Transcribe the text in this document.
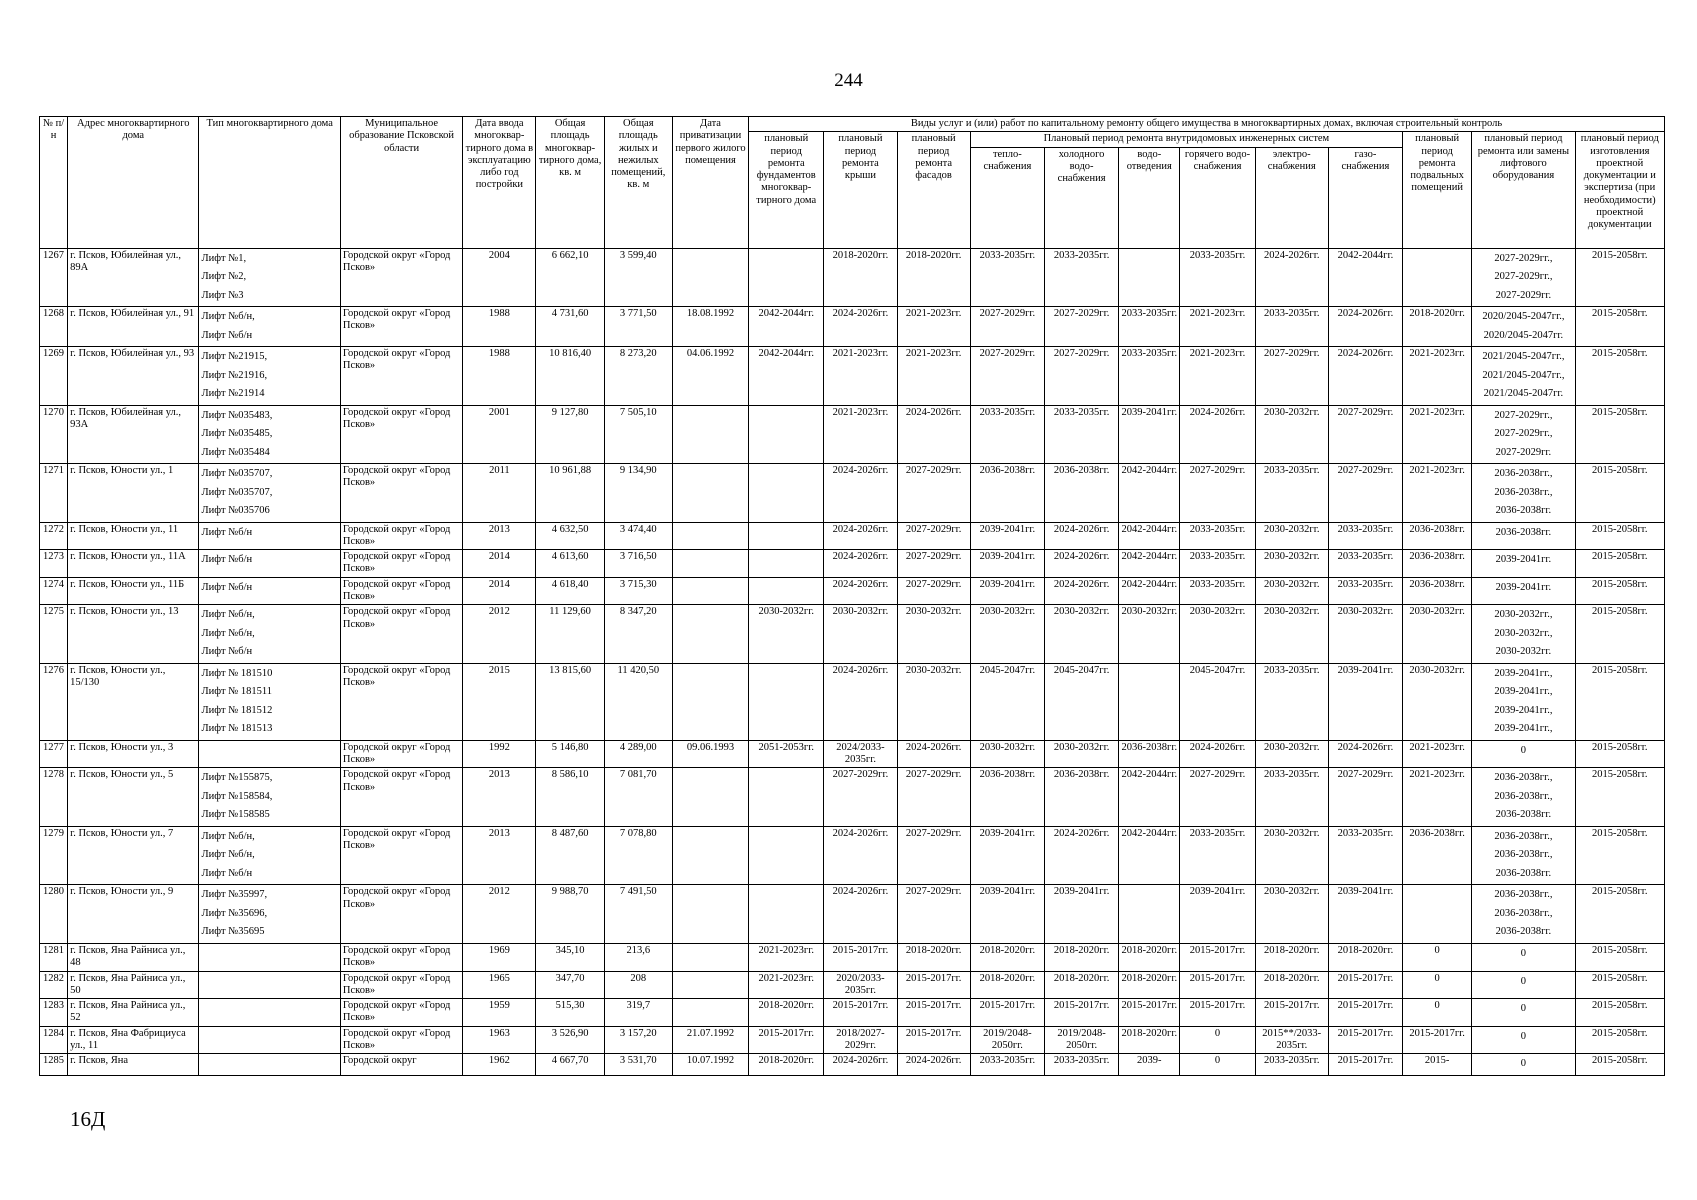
244
№ п/н	Адрес многоквартирного дома	Тип многоквартирного дома	Муниципальное образование Псковской области	Дата ввода многоквар-тирного дома в эксплуатацию либо год постройки	Общая площадь многоквар-тирного дома, кв. м	Общая площадь жилых и нежилых помещений, кв. м	Дата приватизации первого жилого помещения	Виды услуг и (или) работ по капитальному ремонту общего имущества в многоквартирных домах, включая строительный контроль											
								плановый период ремонта фундаментов многоквар-тирного дома	плановый период ремонта крыши	плановый период ремонта фасадов	Плановый период ремонта внутридомовых инженерных систем						плановый период ремонта подвальных помещений	плановый период ремонта или замены лифтового оборудования	плановый период изготовления проектной документации и экспертиза (при необходимости) проектной документации
											тепло-снабжения	холодного водо-снабжения	водо-отведения	горячего водо-снабжения	электро-снабжения	газо-снабжения			
1267	г. Псков, Юбилейная ул., 89А	Лифт №1,
Лифт №2,
Лифт №3	Городской округ «Город Псков»	2004	6 662,10	3 599,40			2018-2020гг.	2018-2020гг.	2033-2035гг.	2033-2035гг.		2033-2035гг.	2024-2026гг.	2042-2044гг.		2027-2029гг.,
2027-2029гг.,
2027-2029гг.	2015-2058гг.
1268	г. Псков, Юбилейная ул., 91	Лифт №б/н,
Лифт №б/н	Городской округ «Город Псков»	1988	4 731,60	3 771,50	18.08.1992	2042-2044гг.	2024-2026гг.	2021-2023гг.	2027-2029гг.	2027-2029гг.	2033-2035гг.	2021-2023гг.	2033-2035гг.	2024-2026гг.	2018-2020гг.	2020/2045-2047гг.,
2020/2045-2047гг.	2015-2058гг.
1269	г. Псков, Юбилейная ул., 93	Лифт №21915,
Лифт №21916,
Лифт №21914	Городской округ «Город Псков»	1988	10 816,40	8 273,20	04.06.1992	2042-2044гг.	2021-2023гг.	2021-2023гг.	2027-2029гг.	2027-2029гг.	2033-2035гг.	2021-2023гг.	2027-2029гг.	2024-2026гг.	2021-2023гг.	2021/2045-2047гг.,
2021/2045-2047гг.,
2021/2045-2047гг.	2015-2058гг.
1270	г. Псков, Юбилейная ул., 93А	Лифт №035483,
Лифт №035485,
Лифт №035484	Городской округ «Город Псков»	2001	9 127,80	7 505,10			2021-2023гг.	2024-2026гг.	2033-2035гг.	2033-2035гг.	2039-2041гг.	2024-2026гг.	2030-2032гг.	2027-2029гг.	2021-2023гг.	2027-2029гг.,
2027-2029гг.,
2027-2029гг.	2015-2058гг.
1271	г. Псков, Юности ул., 1	Лифт №035707,
Лифт №035707,
Лифт №035706	Городской округ «Город Псков»	2011	10 961,88	9 134,90			2024-2026гг.	2027-2029гг.	2036-2038гг.	2036-2038гг.	2042-2044гг.	2027-2029гг.	2033-2035гг.	2027-2029гг.	2021-2023гг.	2036-2038гг.,
2036-2038гг.,
2036-2038гг.	2015-2058гг.
1272	г. Псков, Юности ул., 11	Лифт №б/н	Городской округ «Город Псков»	2013	4 632,50	3 474,40			2024-2026гг.	2027-2029гг.	2039-2041гг.	2024-2026гг.	2042-2044гг.	2033-2035гг.	2030-2032гг.	2033-2035гг.	2036-2038гг.	2036-2038гг.	2015-2058гг.
1273	г. Псков, Юности ул., 11А	Лифт №б/н	Городской округ «Город Псков»	2014	4 613,60	3 716,50			2024-2026гг.	2027-2029гг.	2039-2041гг.	2024-2026гг.	2042-2044гг.	2033-2035гг.	2030-2032гг.	2033-2035гг.	2036-2038гг.	2039-2041гг.	2015-2058гг.
1274	г. Псков, Юности ул., 11Б	Лифт №б/н	Городской округ «Город Псков»	2014	4 618,40	3 715,30			2024-2026гг.	2027-2029гг.	2039-2041гг.	2024-2026гг.	2042-2044гг.	2033-2035гг.	2030-2032гг.	2033-2035гг.	2036-2038гг.	2039-2041гг.	2015-2058гг.
1275	г. Псков, Юности ул., 13	Лифт №б/н,
Лифт №б/н,
Лифт №б/н	Городской округ «Город Псков»	2012	11 129,60	8 347,20		2030-2032гг.	2030-2032гг.	2030-2032гг.	2030-2032гг.	2030-2032гг.	2030-2032гг.	2030-2032гг.	2030-2032гг.	2030-2032гг.	2030-2032гг.	2030-2032гг.,
2030-2032гг.,
2030-2032гг.	2015-2058гг.
1276	г. Псков, Юности ул., 15/130	Лифт № 181510
Лифт № 181511
Лифт № 181512
Лифт № 181513	Городской округ «Город Псков»	2015	13 815,60	11 420,50			2024-2026гг.	2030-2032гг.	2045-2047гг.	2045-2047гг.		2045-2047гг.	2033-2035гг.	2039-2041гг.	2030-2032гг.	2039-2041гг.,
2039-2041гг.,
2039-2041гг.,
2039-2041гг.,	2015-2058гг.
1277	г. Псков, Юности ул., 3		Городской округ «Город Псков»	1992	5 146,80	4 289,00	09.06.1993	2051-2053гг.	2024/2033-2035гг.	2024-2026гг.	2030-2032гг.	2030-2032гг.	2036-2038гг.	2024-2026гг.	2030-2032гг.	2024-2026гг.	2021-2023гг.	0	2015-2058гг.
1278	г. Псков, Юности ул., 5	Лифт №155875,
Лифт №158584,
Лифт №158585	Городской округ «Город Псков»	2013	8 586,10	7 081,70			2027-2029гг.	2027-2029гг.	2036-2038гг.	2036-2038гг.	2042-2044гг.	2027-2029гг.	2033-2035гг.	2027-2029гг.	2021-2023гг.	2036-2038гг.,
2036-2038гг.,
2036-2038гг.	2015-2058гг.
1279	г. Псков, Юности ул., 7	Лифт №б/н,
Лифт №б/н,
Лифт №б/н	Городской округ «Город Псков»	2013	8 487,60	7 078,80			2024-2026гг.	2027-2029гг.	2039-2041гг.	2024-2026гг.	2042-2044гг.	2033-2035гг.	2030-2032гг.	2033-2035гг.	2036-2038гг.	2036-2038гг.,
2036-2038гг.,
2036-2038гг.	2015-2058гг.
1280	г. Псков, Юности ул., 9	Лифт №35997,
Лифт №35696,
Лифт №35695	Городской округ «Город Псков»	2012	9 988,70	7 491,50			2024-2026гг.	2027-2029гг.	2039-2041гг.	2039-2041гг.		2039-2041гг.	2030-2032гг.	2039-2041гг.		2036-2038гг.,
2036-2038гг.,
2036-2038гг.	2015-2058гг.
1281	г. Псков, Яна Райниса ул., 48		Городской округ «Город Псков»	1969	345,10	213,6		2021-2023гг.	2015-2017гг.	2018-2020гг.	2018-2020гг.	2018-2020гг.	2018-2020гг.	2015-2017гг.	2018-2020гг.	2018-2020гг.	0	0	2015-2058гг.
1282	г. Псков, Яна Райниса ул., 50		Городской округ «Город Псков»	1965	347,70	208		2021-2023гг.	2020/2033-2035гг.	2015-2017гг.	2018-2020гг.	2018-2020гг.	2018-2020гг.	2015-2017гг.	2018-2020гг.	2015-2017гг.	0	0	2015-2058гг.
1283	г. Псков, Яна Райниса ул., 52		Городской округ «Город Псков»	1959	515,30	319,7		2018-2020гг.	2015-2017гг.	2015-2017гг.	2015-2017гг.	2015-2017гг.	2015-2017гг.	2015-2017гг.	2015-2017гг.	2015-2017гг.	0	0	2015-2058гг.
1284	г. Псков, Яна Фабрициуса ул., 11		Городской округ «Город Псков»	1963	3 526,90	3 157,20	21.07.1992	2015-2017гг.	2018/2027-2029гг.	2015-2017гг.	2019/2048-2050гг.	2019/2048-2050гг.	2018-2020гг.	0	2015**/2033-2035гг.	2015-2017гг.	2015-2017гг.	0	2015-2058гг.
1285	г. Псков, Яна		Городской округ	1962	4 667,70	3 531,70	10.07.1992	2018-2020гг.	2024-2026гг.	2024-2026гг.	2033-2035гг.	2033-2035гг.	2039-	0	2033-2035гг.	2015-2017гг.	2015-	0	2015-2058гг.
16Д
